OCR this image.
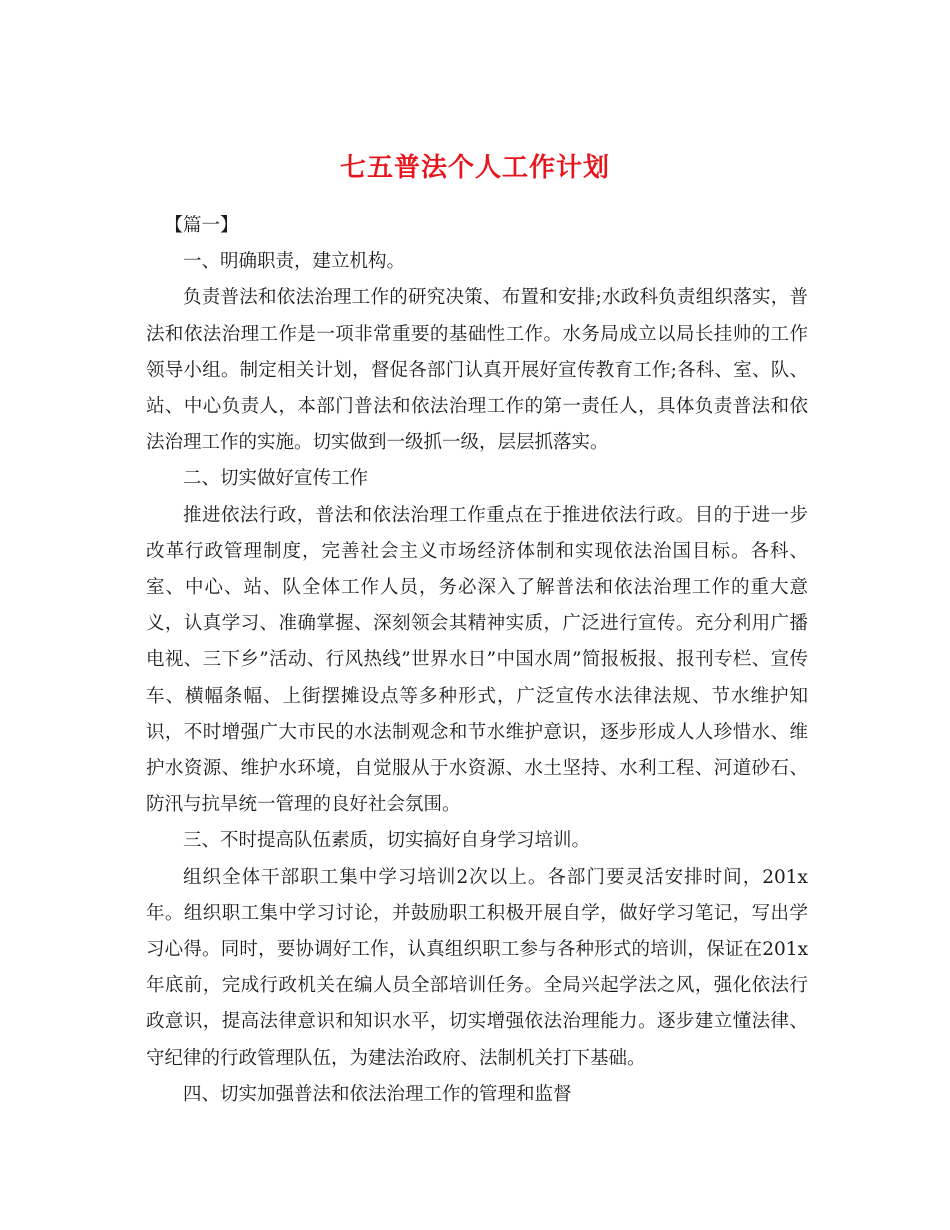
七五普法个人工作计划

【篇一】

一、明确职责，建立机构。

负责普法和依法治理工作的研究决策、布置和安排;水政科负责组织落实，普法和依法治理工作是一项非常重要的基础性工作。水务局成立以局长挂帅的工作领导小组。制定相关计划，督促各部门认真开展好宣传教育工作;各科、室、队、站、中心负责人，本部门普法和依法治理工作的第一责任人，具体负责普法和依法治理工作的实施。切实做到一级抓一级，层层抓落实。

二、切实做好宣传工作

推进依法行政，普法和依法治理工作重点在于推进依法行政。目的于进一步改革行政管理制度，完善社会主义市场经济体制和实现依法治国目标。各科、室、中心、站、队全体工作人员，务必深入了解普法和依法治理工作的重大意义，认真学习、准确掌握、深刻领会其精神实质，广泛进行宣传。充分利用广播电视、三下乡”活动、行风热线”世界水日”中国水周”简报板报、报刊专栏、宣传车、横幅条幅、上街摆摊设点等多种形式，广泛宣传水法律法规、节水维护知识，不时增强广大市民的水法制观念和节水维护意识，逐步形成人人珍惜水、维护水资源、维护水环境，自觉服从于水资源、水土坚持、水利工程、河道砂石、防汛与抗旱统一管理的良好社会氛围。

三、不时提高队伍素质，切实搞好自身学习培训。

组织全体干部职工集中学习培训2次以上。各部门要灵活安排时间，201x年。组织职工集中学习讨论，并鼓励职工积极开展自学，做好学习笔记，写出学习心得。同时，要协调好工作，认真组织职工参与各种形式的培训，保证在201x年底前，完成行政机关在编人员全部培训任务。全局兴起学法之风，强化依法行政意识，提高法律意识和知识水平，切实增强依法治理能力。逐步建立懂法律、守纪律的行政管理队伍，为建法治政府、法制机关打下基础。

四、切实加强普法和依法治理工作的管理和监督
